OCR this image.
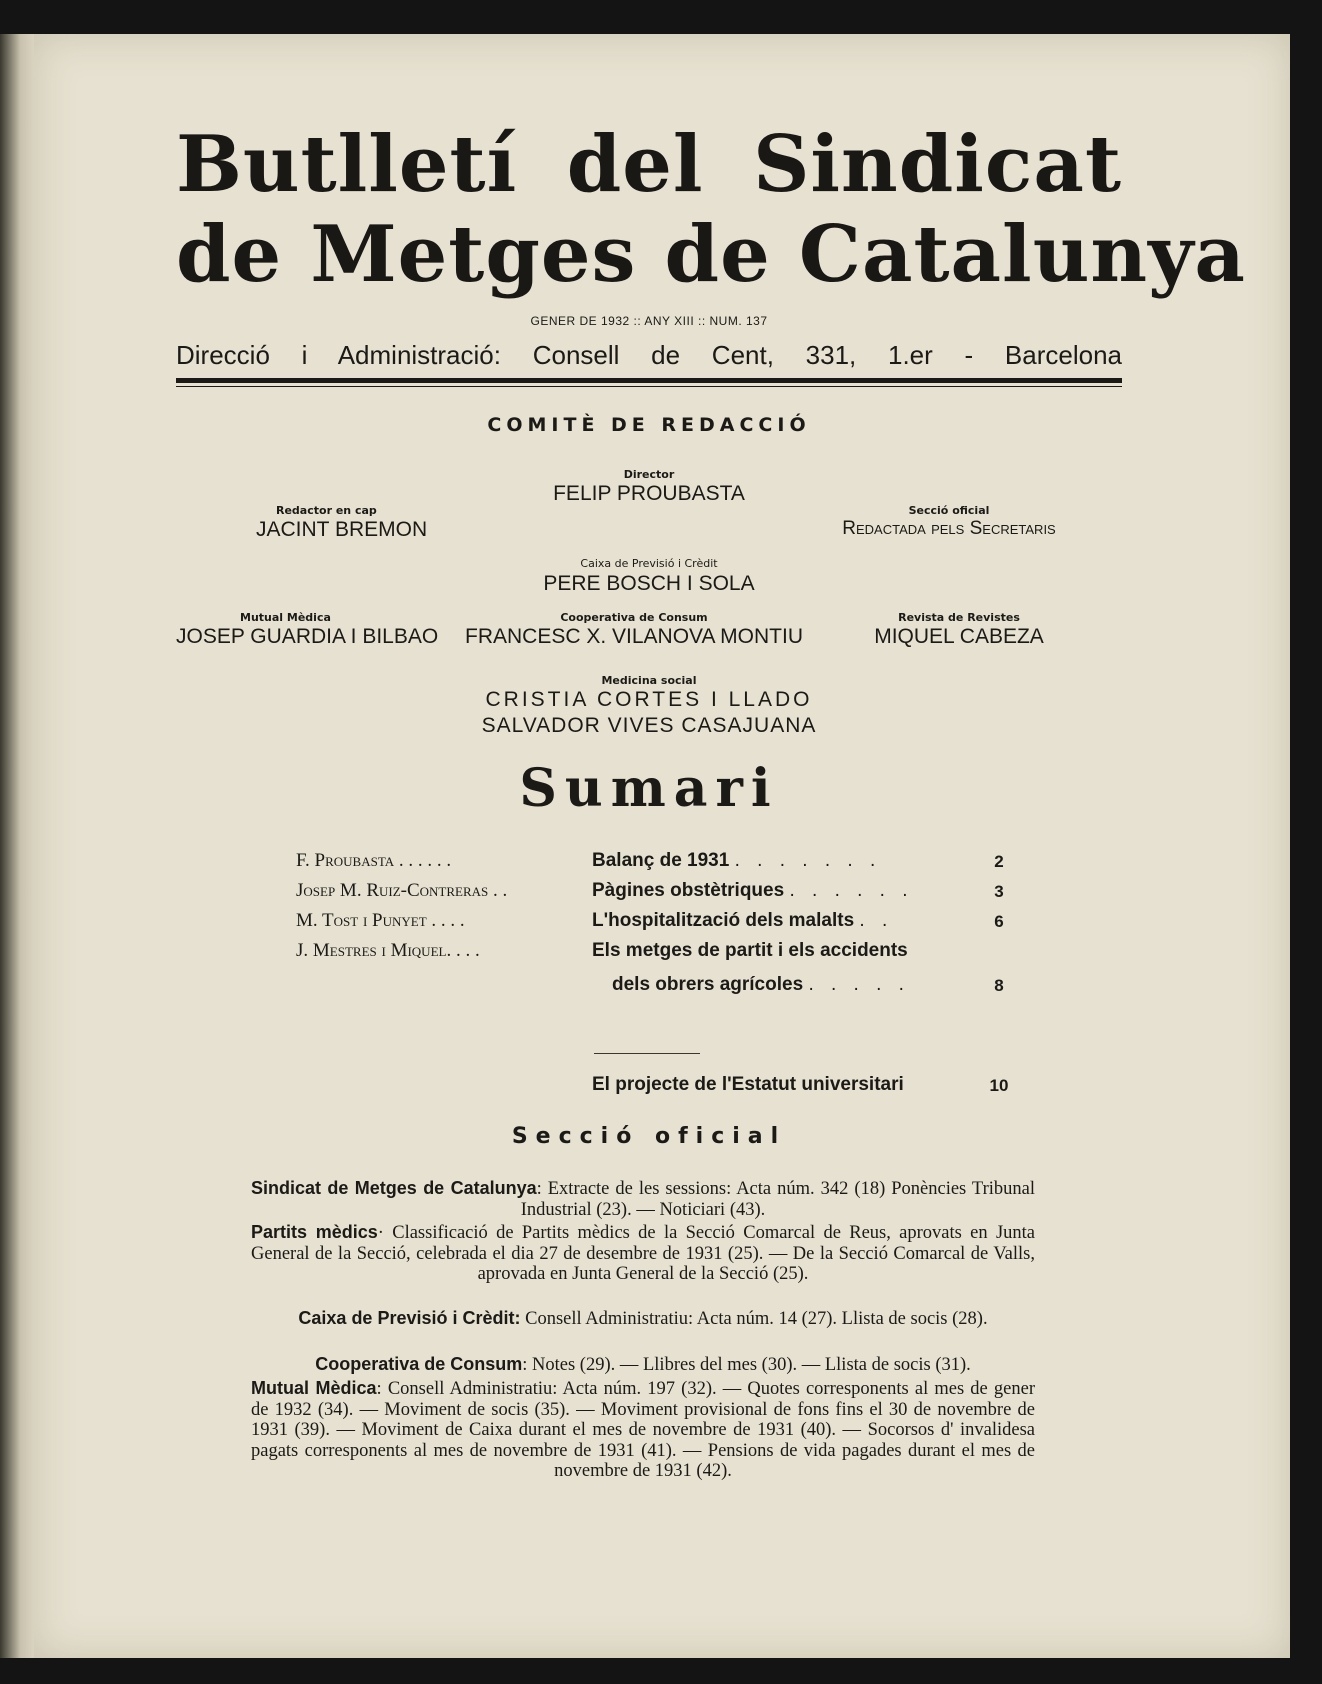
Butlletí del Sindicat
de Metges de Catalunya
GENER DE 1932 :: ANY XIII :: NUM. 137
Direcció i Administració: Consell de Cent, 331, 1.er - Barcelona
COMITÈ DE REDACCIÓ
Director
FELIP PROUBASTA
Redactor en cap
JACINT BREMON
Secció oficial
Redactada pels Secretaris
Caixa de Previsió i Crèdit
PERE BOSCH I SOLA
Mutual Mèdica
JOSEP GUARDIA I BILBAO
Cooperativa de Consum
FRANCESC X. VILANOVA MONTIU
Revista de Revistes
MIQUEL CABEZA
Medicina social
CRISTIA CORTES I LLADO
SALVADOR VIVES CASAJUANA
Sumari
F. Proubasta . . . . . .	Balanç de 1931 . . . . . . .	2
Josep M. Ruiz-Contreras . .	Pàgines obstètriques . . . . . .	3
M. Tost i Punyet . . . .	L'hospitalització dels malalts . .	6
J. Mestres i Miquel. . . .	Els metges de partit i els accidents
dels obrers agrícoles . . . . .	8
El projecte de l'Estatut universitari	10
Secció oficial
Sindicat de Metges de Catalunya: Extracte de les sessions: Acta núm. 342 (18) Ponències Tribunal Industrial (23). — Noticiari (43).
Partits mèdics· Classificació de Partits mèdics de la Secció Comarcal de Reus, aprovats en Junta General de la Secció, celebrada el dia 27 de desembre de 1931 (25). — De la Secció Comarcal de Valls, aprovada en Junta General de la Secció (25).
Caixa de Previsió i Crèdit: Consell Administratiu: Acta núm. 14 (27). Llista de socis (28).
Cooperativa de Consum: Notes (29). — Llibres del mes (30). — Llista de socis (31).
Mutual Mèdica: Consell Administratiu: Acta núm. 197 (32). — Quotes corresponents al mes de gener de 1932 (34). — Moviment de socis (35). — Moviment provisional de fons fins el 30 de novembre de 1931 (39). — Moviment de Caixa durant el mes de novembre de 1931 (40). — Socorsos d' invalidesa pagats corresponents al mes de novembre de 1931 (41). — Pensions de vida pagades durant el mes de novembre de 1931 (42).
